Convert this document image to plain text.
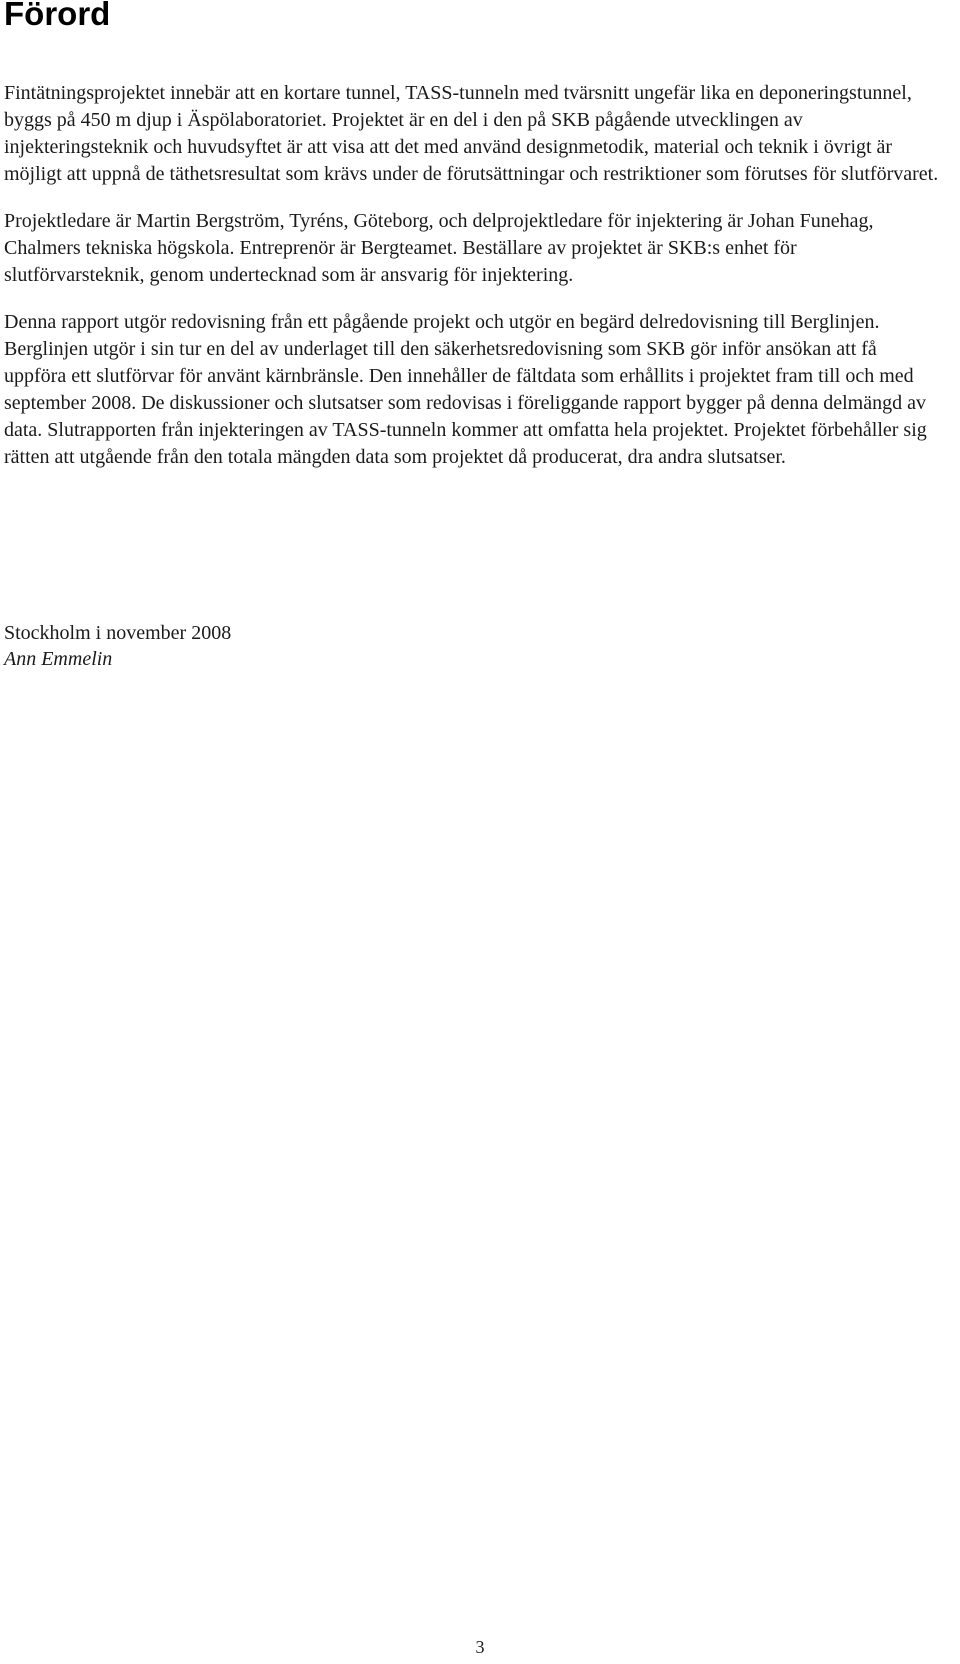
Förord

Fintätningsprojektet innebär att en kortare tunnel, TASS-tunneln med tvärsnitt ungefär lika en deponeringstunnel, byggs på 450 m djup i Äspölaboratoriet. Projektet är en del i den på SKB pågående utvecklingen av injekteringsteknik och huvudsyftet är att visa att det med använd designmetodik, material och teknik i övrigt är möjligt att uppnå de täthetsresultat som krävs under de förutsättningar och restriktioner som förutses för slutförvaret.

Projektledare är Martin Bergström, Tyréns, Göteborg, och delprojektledare för injektering är Johan Funehag, Chalmers tekniska högskola. Entreprenör är Bergteamet. Beställare av projektet är SKB:s enhet för slutförvarsteknik, genom undertecknad som är ansvarig för injektering.

Denna rapport utgör redovisning från ett pågående projekt och utgör en begärd delredovisning till Berglinjen. Berglinjen utgör i sin tur en del av underlaget till den säkerhetsredovisning som SKB gör inför ansökan att få uppföra ett slutförvar för använt kärnbränsle. Den innehåller de fältdata som erhållits i projektet fram till och med september 2008. De diskussioner och slutsatser som redovisas i föreliggande rapport bygger på denna delmängd av data. Slutrapporten från injekteringen av TASS-tunneln kommer att omfatta hela projektet. Projektet förbehåller sig rätten att utgående från den totala mängden data som projektet då producerat, dra andra slutsatser.

Stockholm i november 2008
Ann Emmelin
3
